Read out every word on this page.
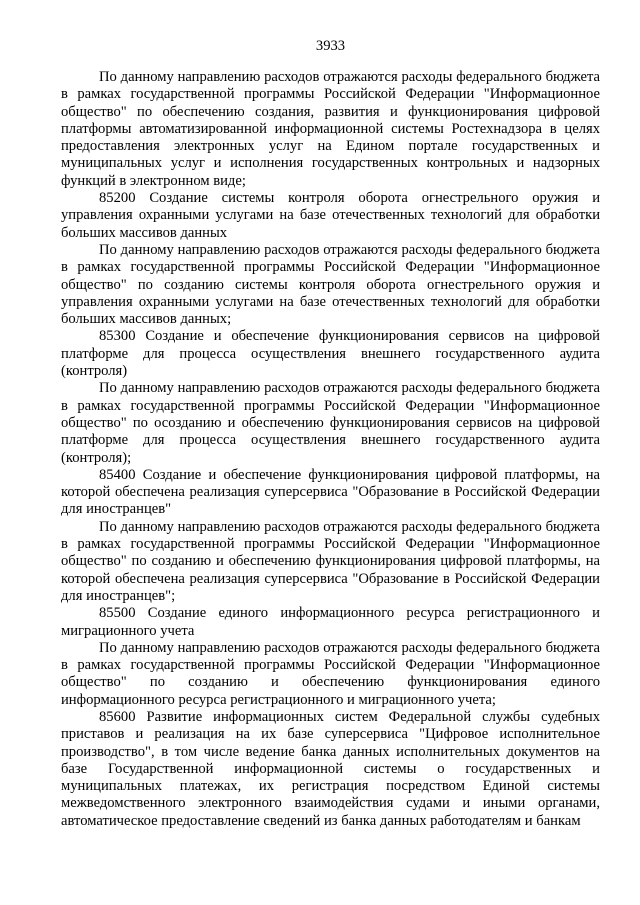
3933

По данному направлению расходов отражаются расходы федерального бюджета в рамках государственной программы Российской Федерации "Информационное общество" по обеспечению создания, развития и функционирования цифровой платформы автоматизированной информационной системы Ростехнадзора в целях предоставления электронных услуг на Едином портале государственных и муниципальных услуг и исполнения государственных контрольных и надзорных функций в электронном виде;

85200 Создание системы контроля оборота огнестрельного оружия и управления охранными услугами на базе отечественных технологий для обработки больших массивов данных

По данному направлению расходов отражаются расходы федерального бюджета в рамках государственной программы Российской Федерации "Информационное общество" по созданию системы контроля оборота огнестрельного оружия и управления охранными услугами на базе отечественных технологий для обработки больших массивов данных;

85300 Создание и обеспечение функционирования сервисов на цифровой платформе для процесса осуществления внешнего государственного аудита (контроля)

По данному направлению расходов отражаются расходы федерального бюджета в рамках государственной программы Российской Федерации "Информационное общество" по осозданию и обеспечению функционирования сервисов на цифровой платформе для процесса осуществления внешнего государственного аудита (контроля);

85400 Создание и обеспечение функционирования цифровой платформы, на которой обеспечена реализация суперсервиса "Образование в Российской Федерации для иностранцев"

По данному направлению расходов отражаются расходы федерального бюджета в рамках государственной программы Российской Федерации "Информационное общество" по созданию и обеспечению функционирования цифровой платформы, на которой обеспечена реализация суперсервиса "Образование в Российской Федерации для иностранцев";

85500 Создание единого информационного ресурса регистрационного и миграционного учета

По данному направлению расходов отражаются расходы федерального бюджета в рамках государственной программы Российской Федерации "Информационное общество" по созданию и обеспечению функционирования единого информационного ресурса регистрационного и миграционного учета;

85600 Развитие информационных систем Федеральной службы судебных приставов и реализация на их базе суперсервиса "Цифровое исполнительное производство", в том числе ведение банка данных исполнительных документов на базе Государственной информационной системы о государственных и муниципальных платежах, их регистрация посредством Единой системы межведомственного электронного взаимодействия судами и иными органами, автоматическое предоставление сведений из банка данных работодателям и банкам
